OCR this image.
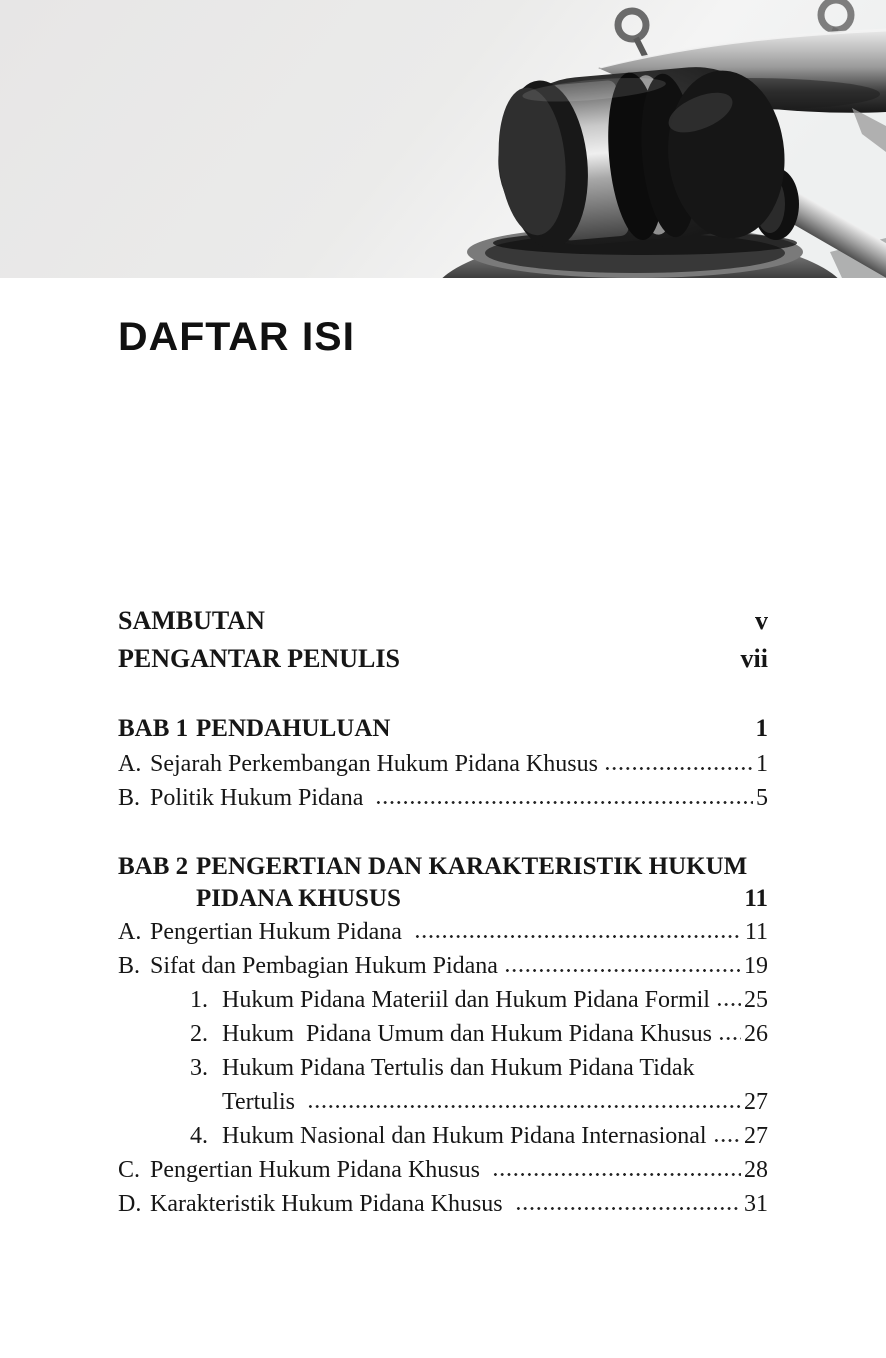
DAFTAR ISI
SAMBUTAN	v
PENGANTAR PENULIS	vii
BAB 1 PENDAHULUAN	1
A. Sejarah Perkembangan Hukum Pidana Khusus	1
B. Politik Hukum Pidana	5
BAB 2 PENGERTIAN DAN KARAKTERISTIK HUKUM
PIDANA KHUSUS	11
A. Pengertian Hukum Pidana	11
B. Sifat dan Pembagian Hukum Pidana	19
1. Hukum Pidana Materiil dan Hukum Pidana Formil 25
2. Hukum  Pidana Umum dan Hukum Pidana Khusus 26
3. Hukum Pidana Tertulis dan Hukum Pidana Tidak
Tertulis	27
4. Hukum Nasional dan Hukum Pidana Internasional 27
C. Pengertian Hukum Pidana Khusus	28
D. Karakteristik Hukum Pidana Khusus	31
